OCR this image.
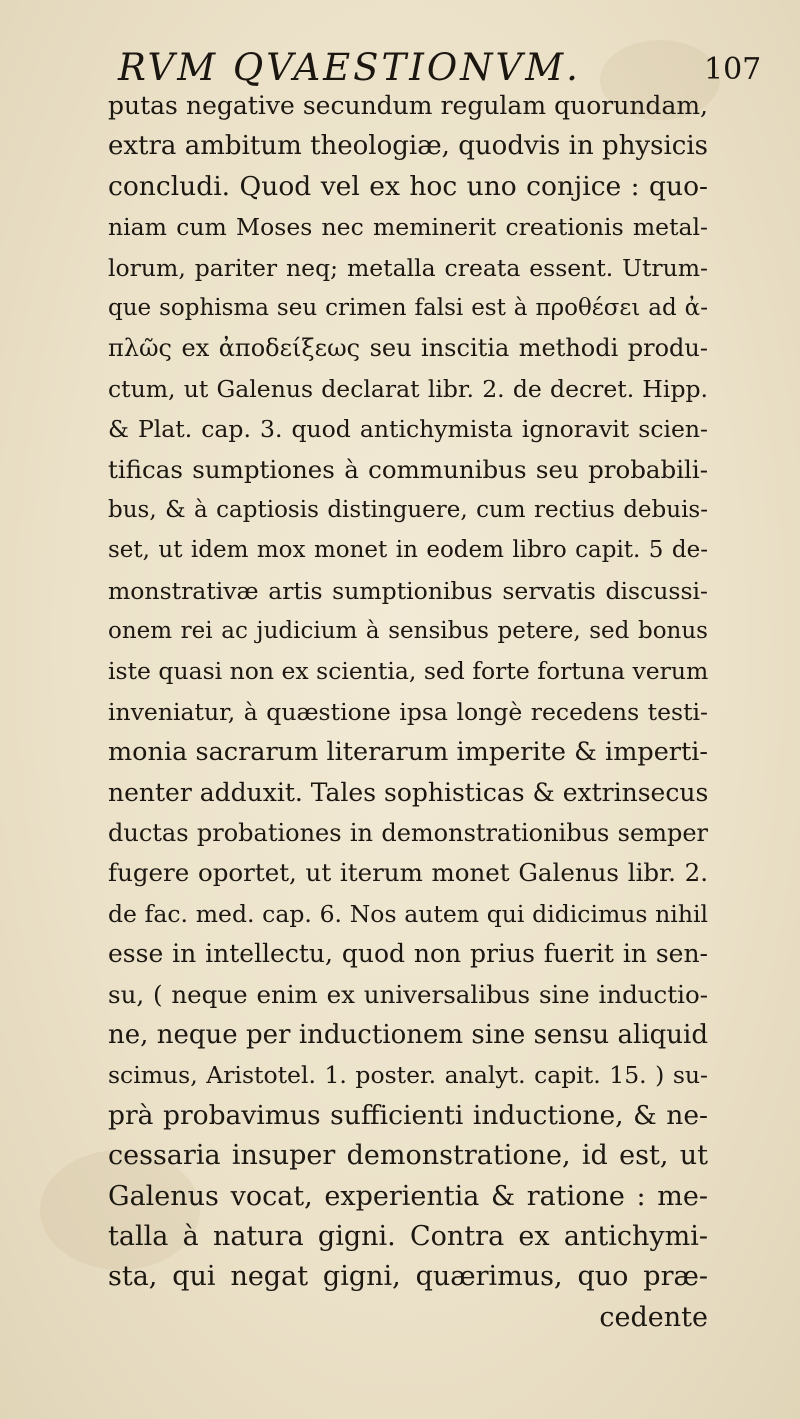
RVM QVAESTIONVM.	107
putas negative secundum regulam quorundam,
extra ambitum theologiæ, quodvis in physicis
concludi. Quod vel ex hoc uno conjice : quo-
niam cum Moses nec meminerit creationis metal-
lorum, pariter neq; metalla creata essent. Utrum-
que sophisma seu crimen falsi est à προθέσει ad ἀ-
πλῶς ex ἀποδείξεως seu inscitia methodi produ-
ctum, ut Galenus declarat libr. 2. de decret. Hipp.
& Plat. cap. 3. quod antichymista ignoravit scien-
tificas sumptiones à communibus seu probabili-
bus, & à captiosis distinguere, cum rectius debuis-
set, ut idem mox monet in eodem libro capit. 5 de-
monstrativæ artis sumptionibus servatis discussi-
onem rei ac judicium à sensibus petere, sed bonus
iste quasi non ex scientia, sed forte fortuna verum
inveniatur, à quæstione ipsa longè recedens testi-
monia sacrarum literarum imperite & imperti-
nenter adduxit. Tales sophisticas & extrinsecus
ductas probationes in demonstrationibus semper
fugere oportet, ut iterum monet Galenus libr. 2.
de fac. med. cap. 6. Nos autem qui didicimus nihil
esse in intellectu, quod non prius fuerit in sen-
su, ( neque enim ex universalibus sine inductio-
ne, neque per inductionem sine sensu aliquid
scimus, Aristotel. 1. poster. analyt. capit. 15. ) su-
prà probavimus sufficienti inductione, & ne-
cessaria insuper demonstratione, id est, ut
Galenus vocat, experientia & ratione : me-
talla à natura gigni. Contra ex antichymi-
sta, qui negat gigni, quærimus, quo præ-
cedente
